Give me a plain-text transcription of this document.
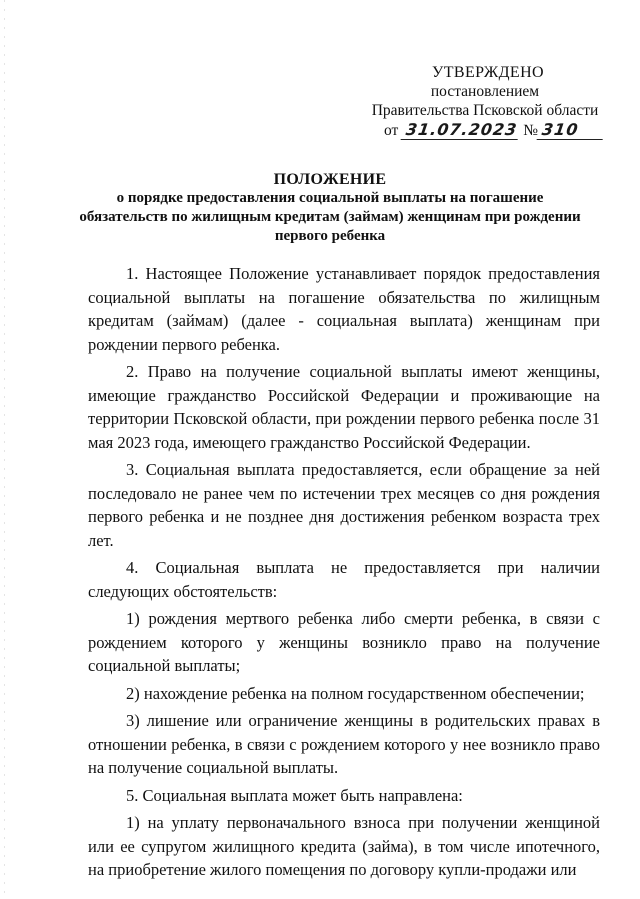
УТВЕРЖДЕНО
постановлением
Правительства Псковской области
от 31.07.2023 № 310
ПОЛОЖЕНИЕ
о порядке предоставления социальной выплаты на погашение
обязательств по жилищным кредитам (займам) женщинам при рождении
первого ребенка

1. Настоящее Положение устанавливает порядок предоставления социальной выплаты на погашение обязательства по жилищным кредитам (займам) (далее - социальная выплата) женщинам при рождении первого ребенка.

2. Право на получение социальной выплаты имеют женщины, имеющие гражданство Российской Федерации и проживающие на территории Псковской области, при рождении первого ребенка после 31 мая 2023 года, имеющего гражданство Российской Федерации.

3. Социальная выплата предоставляется, если обращение за ней последовало не ранее чем по истечении трех месяцев со дня рождения первого ребенка и не позднее дня достижения ребенком возраста трех лет.

4. Социальная выплата не предоставляется при наличии следующих обстоятельств:

1) рождения мертвого ребенка либо смерти ребенка, в связи с рождением которого у женщины возникло право на получение социальной выплаты;

2) нахождение ребенка на полном государственном обеспечении;

3) лишение или ограничение женщины в родительских правах в отношении ребенка, в связи с рождением которого у нее возникло право на получение социальной выплаты.

5. Социальная выплата может быть направлена:

1) на уплату первоначального взноса при получении женщиной или ее супругом жилищного кредита (займа), в том числе ипотечного, на приобретение жилого помещения по договору купли-продажи или
